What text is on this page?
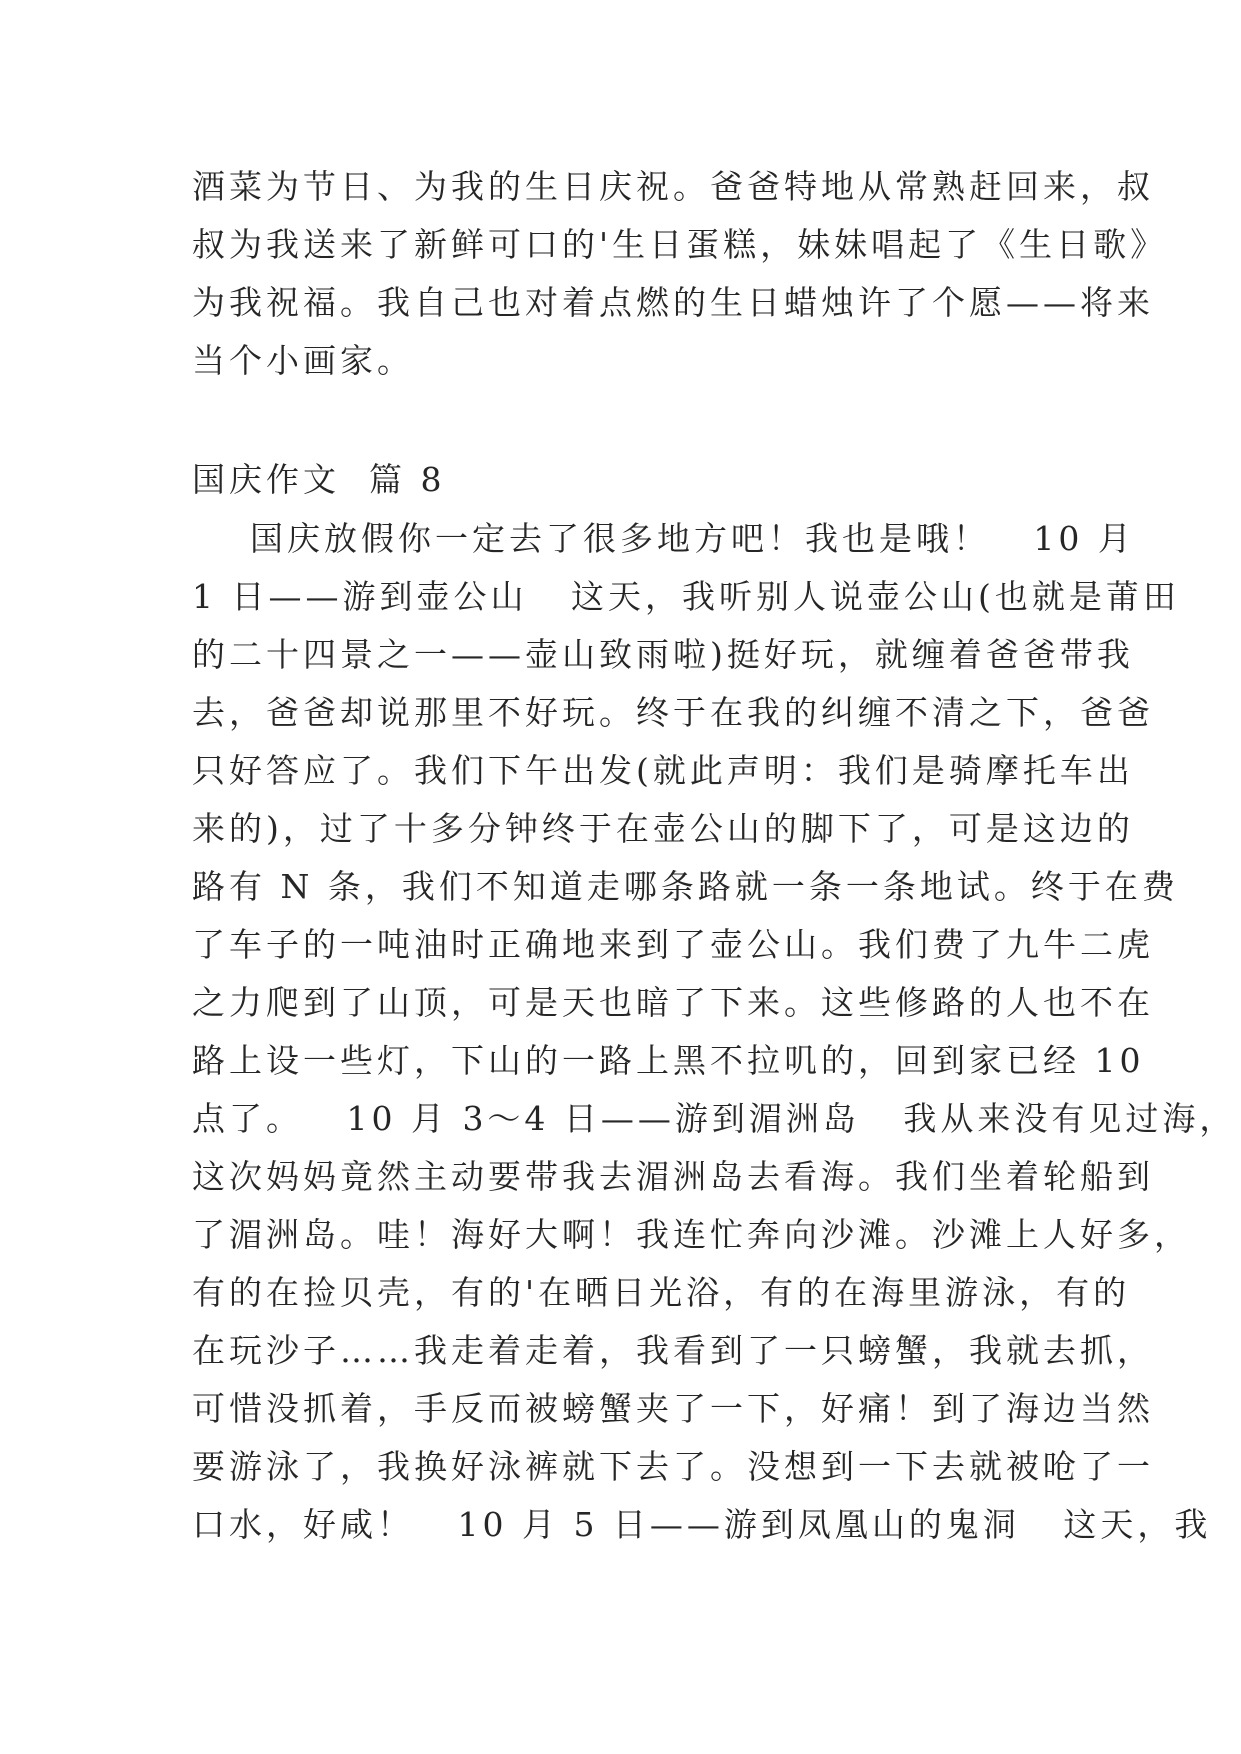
酒菜为节日、为我的生日庆祝。爸爸特地从常熟赶回来，叔
叔为我送来了新鲜可口的'生日蛋糕，妹妹唱起了《生日歌》
为我祝福。我自己也对着点燃的生日蜡烛许了个愿——将来
当个小画家。
国庆作文  篇 8
国庆放假你一定去了很多地方吧！我也是哦！   10 月
1 日——游到壶公山   这天，我听别人说壶公山(也就是莆田
的二十四景之一——壶山致雨啦)挺好玩，就缠着爸爸带我
去，爸爸却说那里不好玩。终于在我的纠缠不清之下，爸爸
只好答应了。我们下午出发(就此声明：我们是骑摩托车出
来的)，过了十多分钟终于在壶公山的脚下了，可是这边的
路有 N 条，我们不知道走哪条路就一条一条地试。终于在费
了车子的一吨油时正确地来到了壶公山。我们费了九牛二虎
之力爬到了山顶，可是天也暗了下来。这些修路的人也不在
路上设一些灯，下山的一路上黑不拉叽的，回到家已经 10
点了。   10 月 3～4 日——游到湄洲岛   我从来没有见过海，
这次妈妈竟然主动要带我去湄洲岛去看海。我们坐着轮船到
了湄洲岛。哇！海好大啊！我连忙奔向沙滩。沙滩上人好多，
有的在捡贝壳，有的'在晒日光浴，有的在海里游泳，有的
在玩沙子……我走着走着，我看到了一只螃蟹，我就去抓，
可惜没抓着，手反而被螃蟹夹了一下，好痛！到了海边当然
要游泳了，我换好泳裤就下去了。没想到一下去就被呛了一
口水，好咸！   10 月 5 日——游到凤凰山的鬼洞   这天，我
